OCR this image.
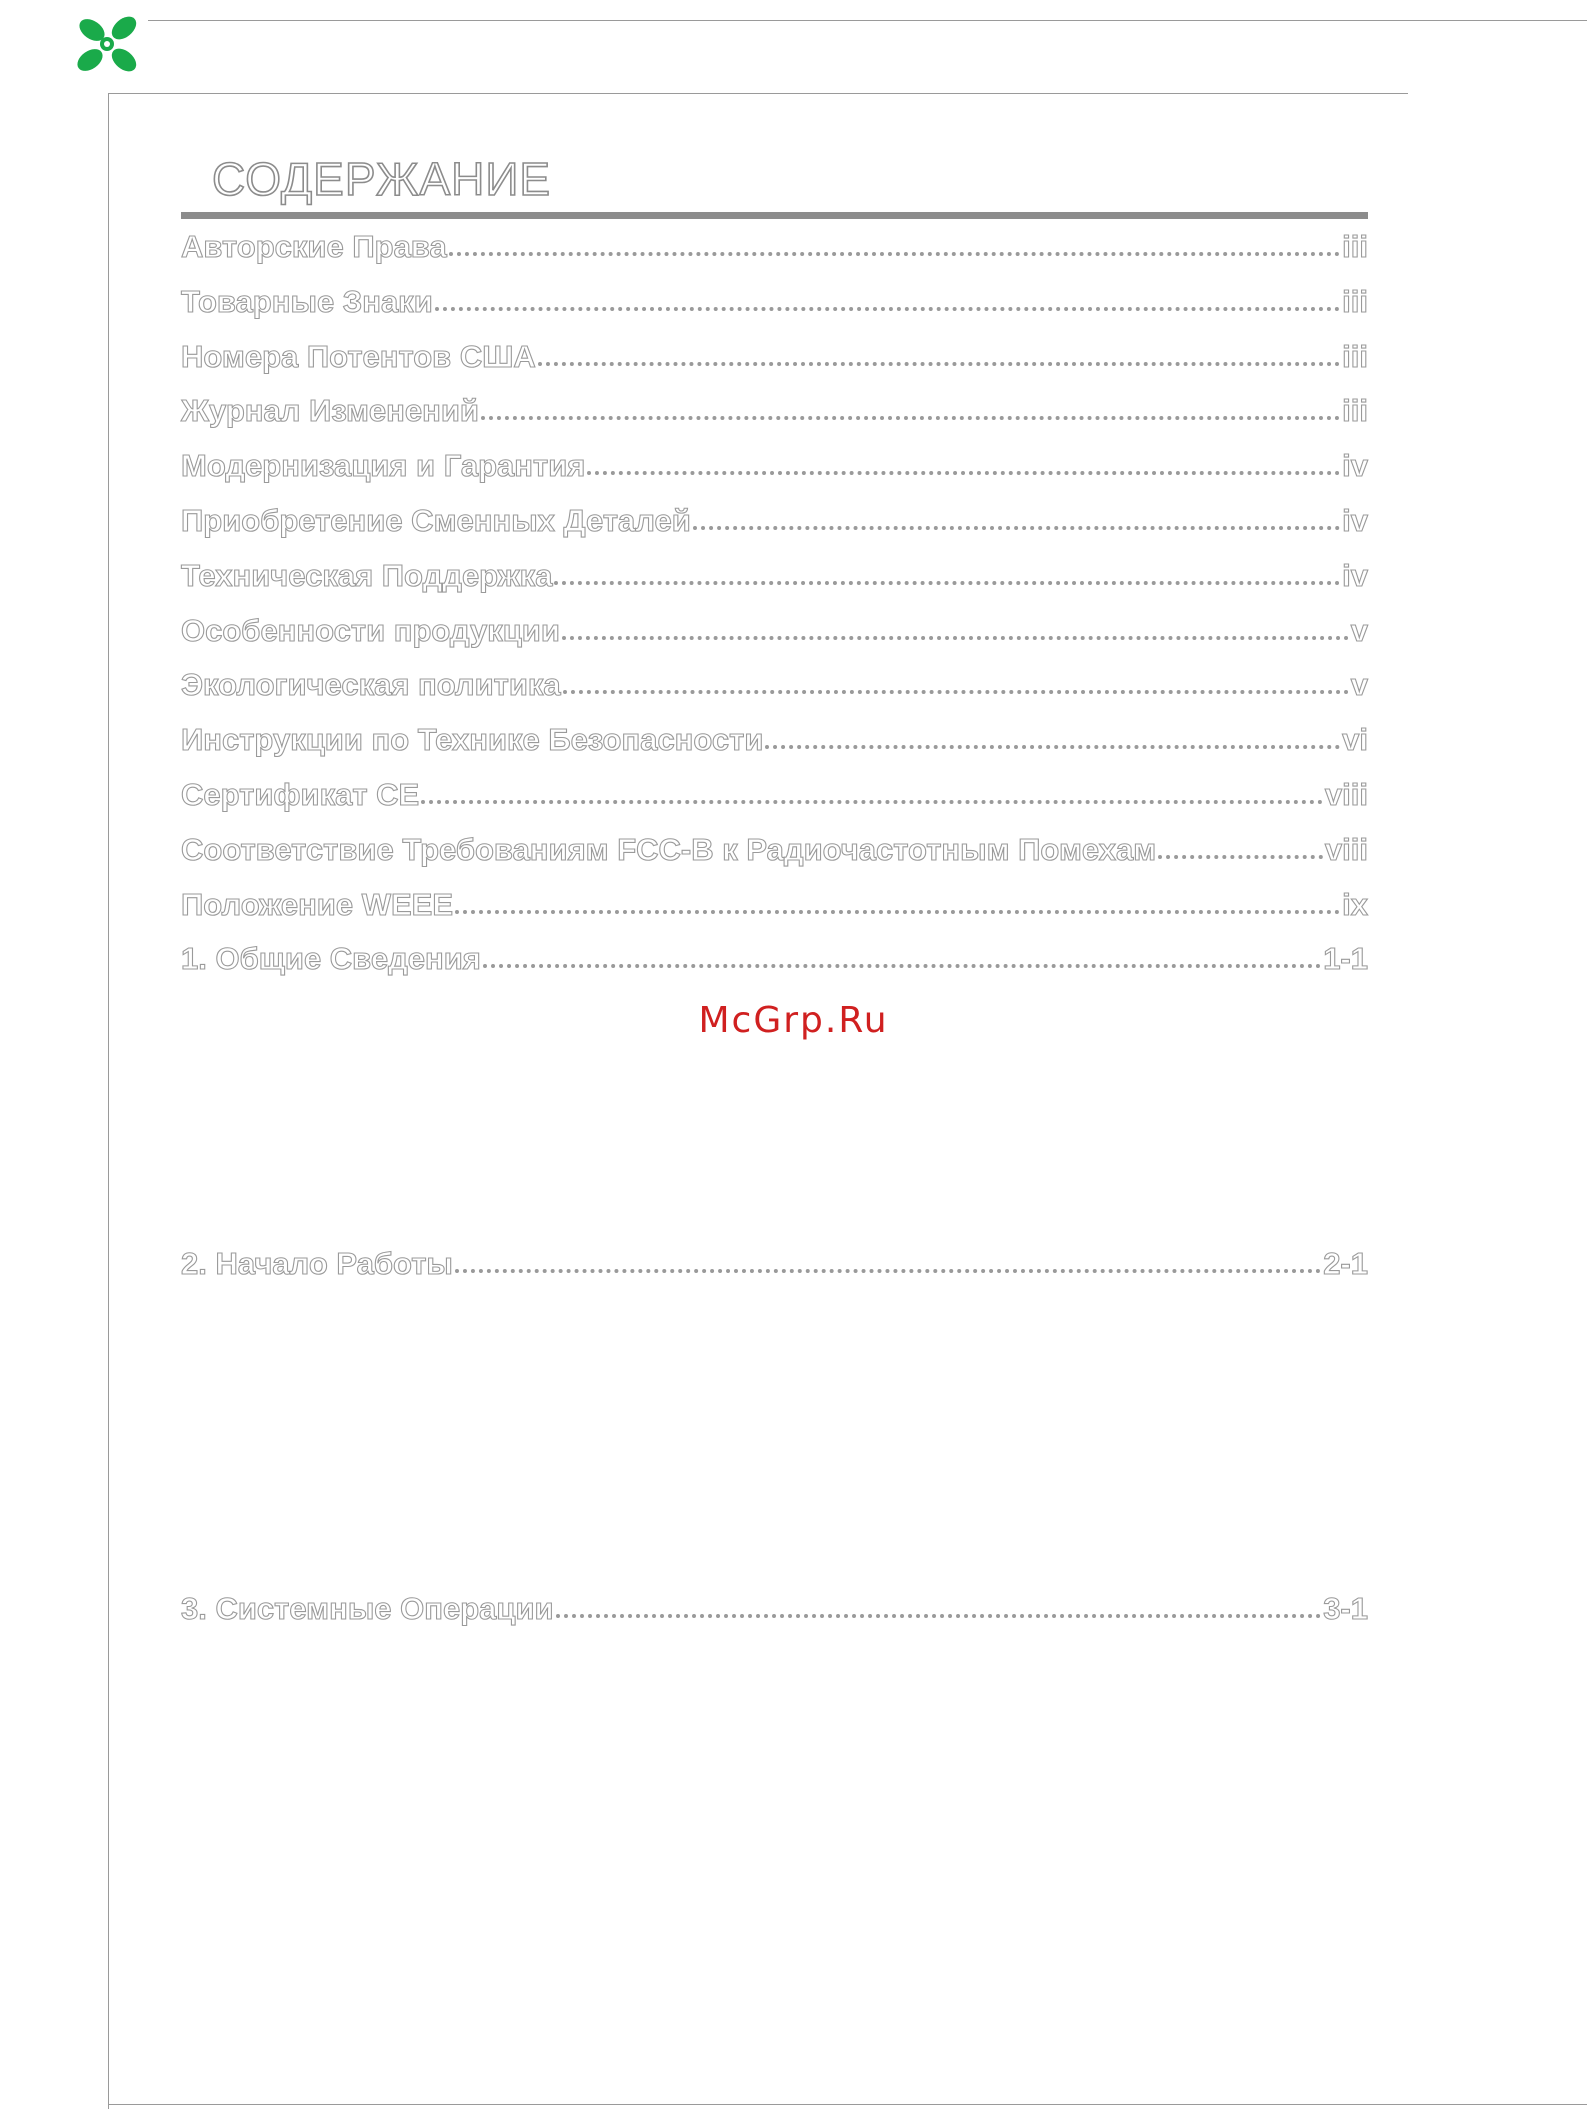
СОДЕРЖАНИЕ
Авторские Права	iii
Товарные Знаки	iii
Номера Потентов США	iii
Журнал Изменений	iii
Модернизация и Гарантия	iv
Приобретение Сменных Деталей	iv
Техническая Поддержка	iv
Особенности продукции	v
Экологическая политика	v
Инструкции по Технике Безопасности	vi
Сертификат CE	viii
Соответствие Требованиям FCC-B к Радиочастотным Помехам	viii
Положение WEEE	ix
1. Общие Сведения	1-1
2. Начало Работы	2-1
3. Системные Операции	3-1
McGrp.Ru
